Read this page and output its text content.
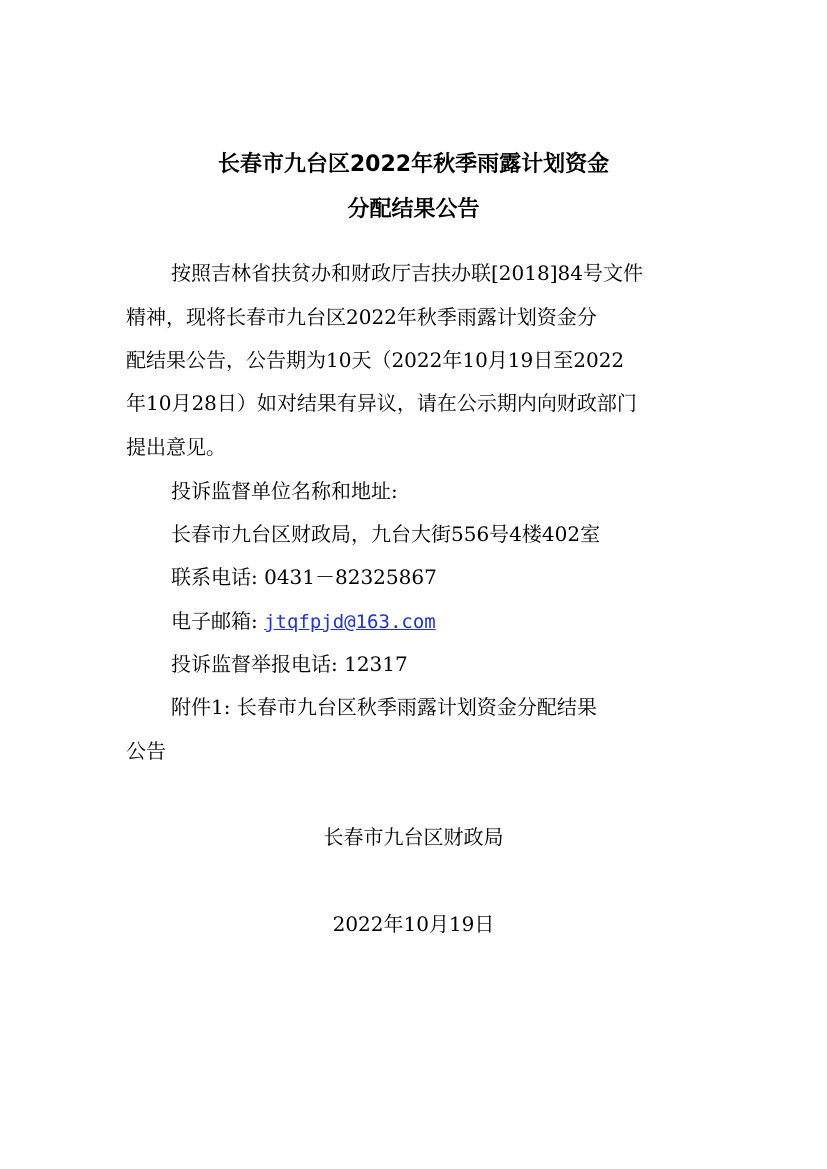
长春市九台区2022年秋季雨露计划资金
分配结果公告

按照吉林省扶贫办和财政厅吉扶办联[2018]84号文件

精神，现将长春市九台区2022年秋季雨露计划资金分

配结果公告，公告期为10天（2022年10月19日至2022

年10月28日）如对结果有异议，请在公示期内向财政部门

提出意见。

投诉监督单位名称和地址:

长春市九台区财政局，九台大街556号4楼402室

联系电话: 0431－82325867

电子邮箱: jtqfpjd@163.com

投诉监督举报电话: 12317

附件1: 长春市九台区秋季雨露计划资金分配结果

公告

长春市九台区财政局

2022年10月19日
